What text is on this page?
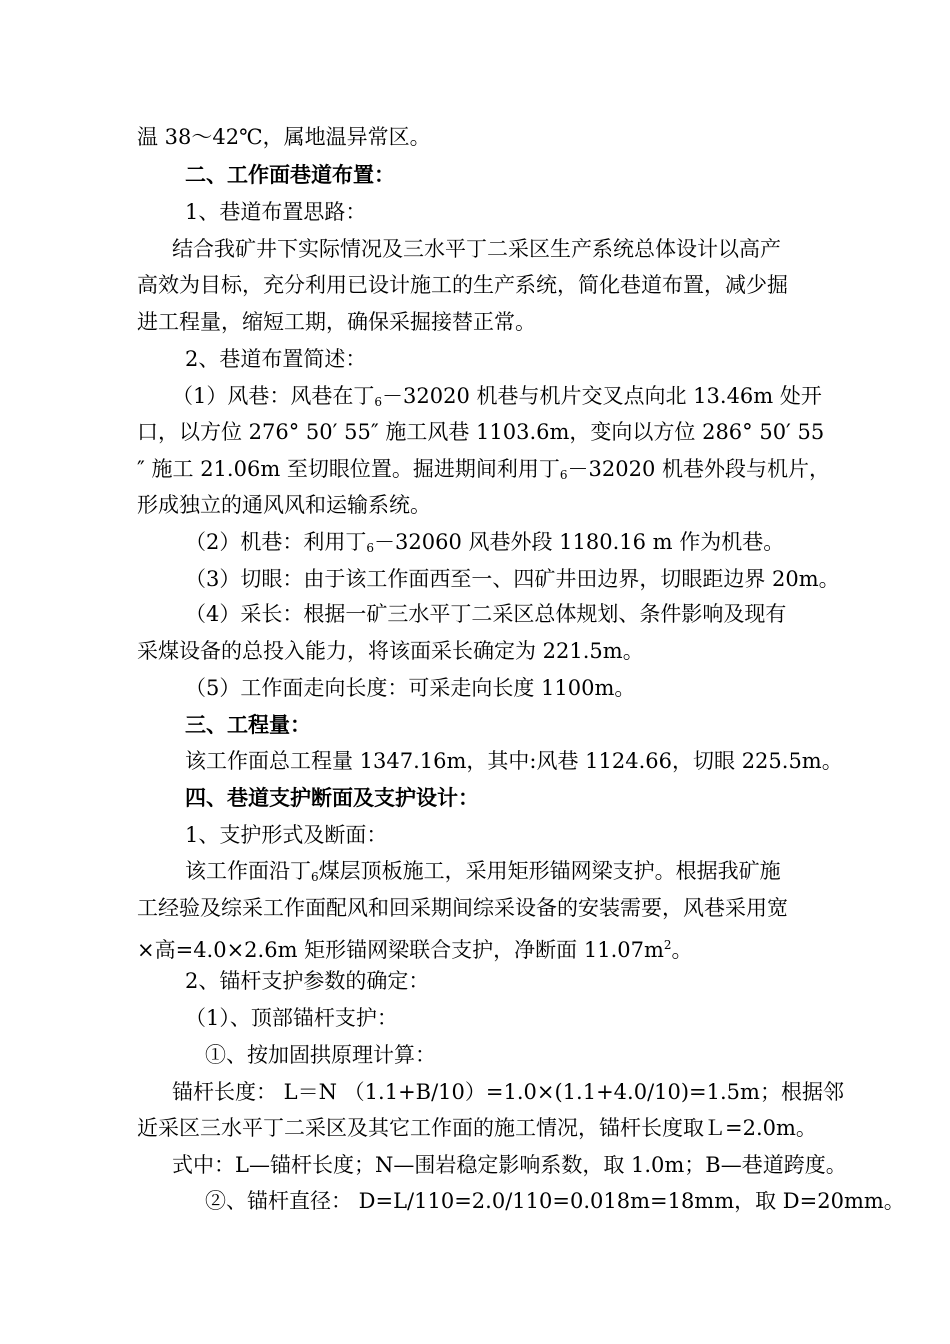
温 38～42℃，属地温异常区。
二、工作面巷道布置：
1、巷道布置思路：
结合我矿井下实际情况及三水平丁二采区生产系统总体设计以高产
高效为目标，充分利用已设计施工的生产系统，简化巷道布置，减少掘
进工程量，缩短工期，确保采掘接替正常。
2、巷道布置简述：
（1）风巷：风巷在丁$_6$－32020 机巷与机片交叉点向北 13.46m 处开
口，以方位 276° 50′ 55″ 施工风巷 1103.6m，变向以方位 286° 50′ 55
″ 施工 21.06m 至切眼位置。掘进期间利用丁$_6$－32020 机巷外段与机片，
形成独立的通风风和运输系统。
（2）机巷：利用丁$_6$－32060 风巷外段 1180.16 m 作为机巷。
（3）切眼：由于该工作面西至一、四矿井田边界，切眼距边界 20m。
（4）采长：根据一矿三水平丁二采区总体规划、条件影响及现有
采煤设备的总投入能力，将该面采长确定为 221.5m。
（5）工作面走向长度：可采走向长度 1100m。
三、工程量：
该工作面总工程量 1347.16m，其中:风巷 1124.66，切眼 225.5m。
四、巷道支护断面及支护设计：
1、支护形式及断面：
该工作面沿丁$_6$煤层顶板施工，采用矩形锚网梁支护。根据我矿施
工经验及综采工作面配风和回采期间综采设备的安装需要，风巷采用宽
×高=4.0×2.6m 矩形锚网梁联合支护，净断面 $11.07m^2$。
2、锚杆支护参数的确定：
（1）、顶部锚杆支护：
①、按加固拱原理计算：
锚杆长度： L＝N （1.1+B/10）=1.0×(1.1+4.0/10)=1.5m；根据邻
近采区三水平丁二采区及其它工作面的施工情况，锚杆长度取Ｌ=2.0m。
式中：L—锚杆长度；N—围岩稳定影响系数，取 1.0m；B—巷道跨度。
②、锚杆直径： D=L/110=2.0/110=0.018m=18mm，取 D=20mm。
